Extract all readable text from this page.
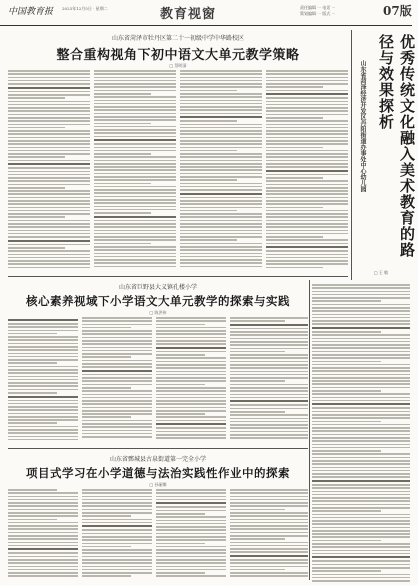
中国教育报 2023年12月5日 · 星期二	教育视窗	责任编辑 ··· 电话 ···
策划编辑 ··· 版式 ···	07版
山东省菏泽市牡丹区第二十一初级中学中华路校区
整合重构视角下初中语文大单元教学策略
□ 蔡明清
山东省巨野县大义镇孔楼小学
核心素养视域下小学语文大单元教学的探索与实践
□ 陈洪伟
山东省鄄城县古泉街道第一完全小学
项目式学习在小学道德与法治实践性作业中的探索
□ 孙丽娜
优秀传统文化融入美术教育的路径与效果探析
山东省菏泽经济开发区丹阳街道办事处中心幼儿园
□ 王 敏
